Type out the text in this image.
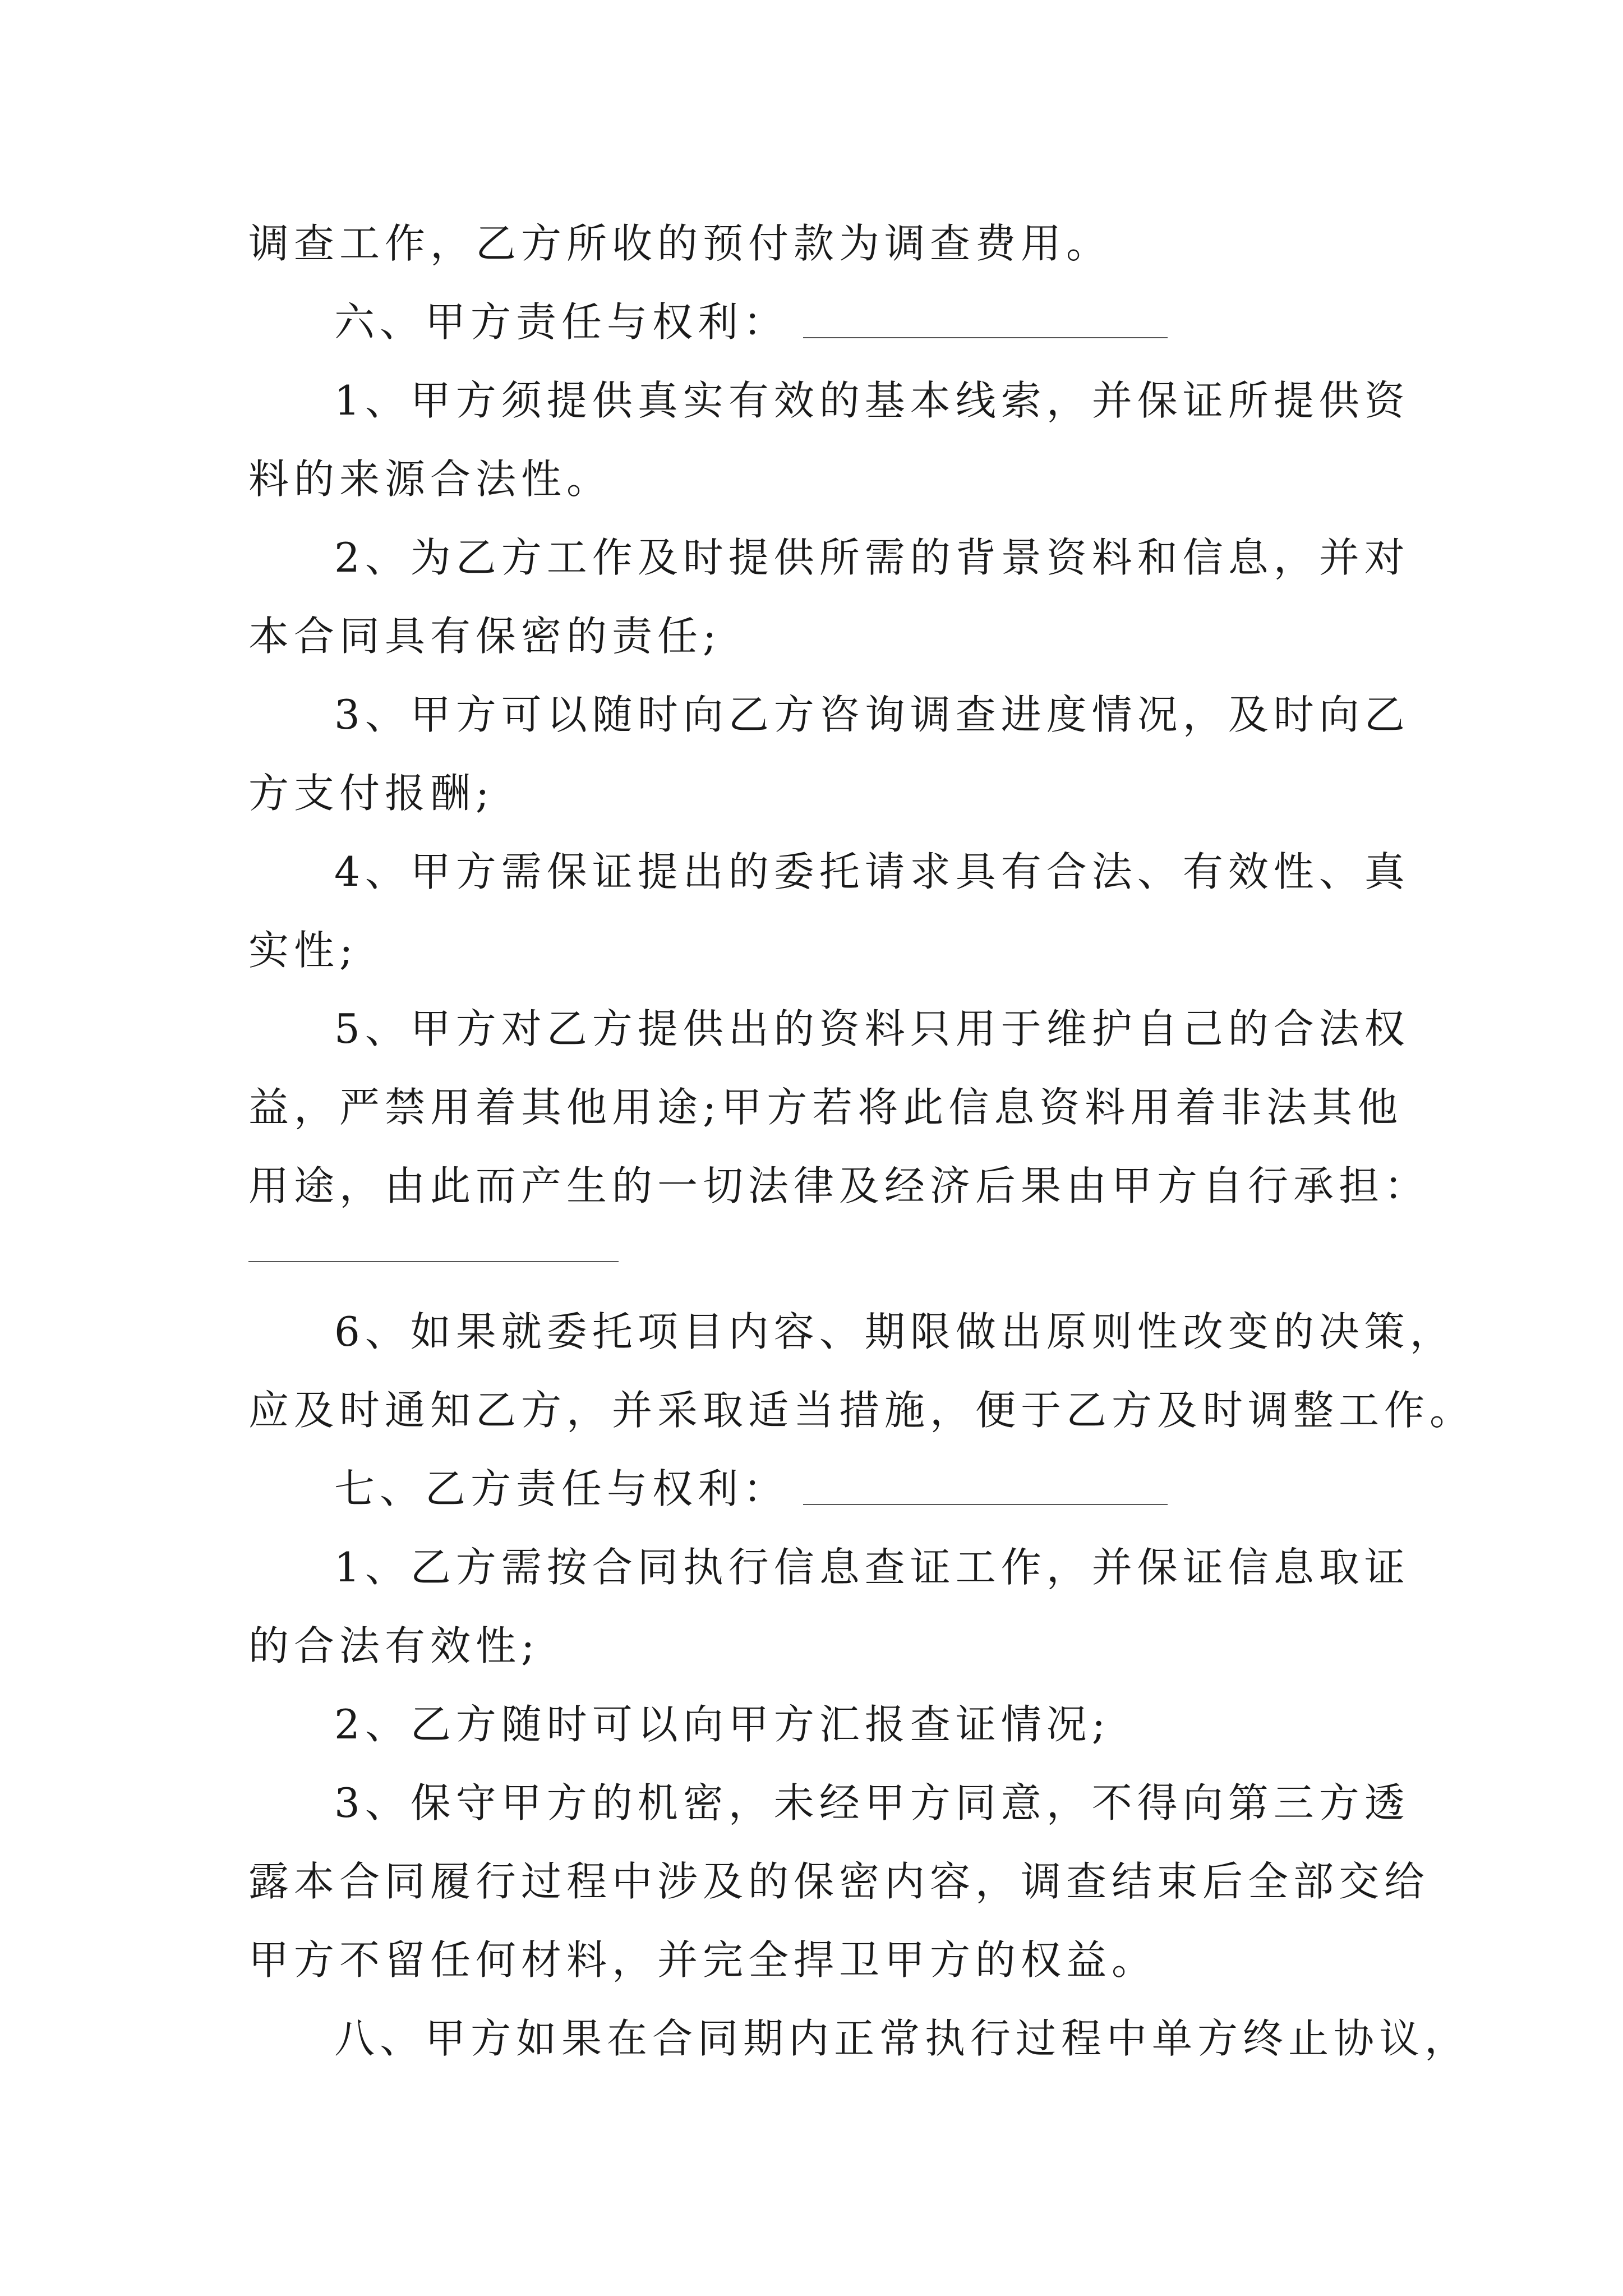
调查工作，乙方所收的预付款为调查费用。
六、甲方责任与权利：
1、甲方须提供真实有效的基本线索，并保证所提供资
料的来源合法性。
2、为乙方工作及时提供所需的背景资料和信息，并对
本合同具有保密的责任;
3、甲方可以随时向乙方咨询调查进度情况，及时向乙
方支付报酬;
4、甲方需保证提出的委托请求具有合法、有效性、真
实性;
5、甲方对乙方提供出的资料只用于维护自己的合法权
益，严禁用着其他用途;甲方若将此信息资料用着非法其他
用途，由此而产生的一切法律及经济后果由甲方自行承担：
6、如果就委托项目内容、期限做出原则性改变的决策，
应及时通知乙方，并采取适当措施，便于乙方及时调整工作。
七、乙方责任与权利：
1、乙方需按合同执行信息查证工作，并保证信息取证
的合法有效性;
2、乙方随时可以向甲方汇报查证情况;
3、保守甲方的机密，未经甲方同意，不得向第三方透
露本合同履行过程中涉及的保密内容，调查结束后全部交给
甲方不留任何材料，并完全捍卫甲方的权益。
八、甲方如果在合同期内正常执行过程中单方终止协议，
